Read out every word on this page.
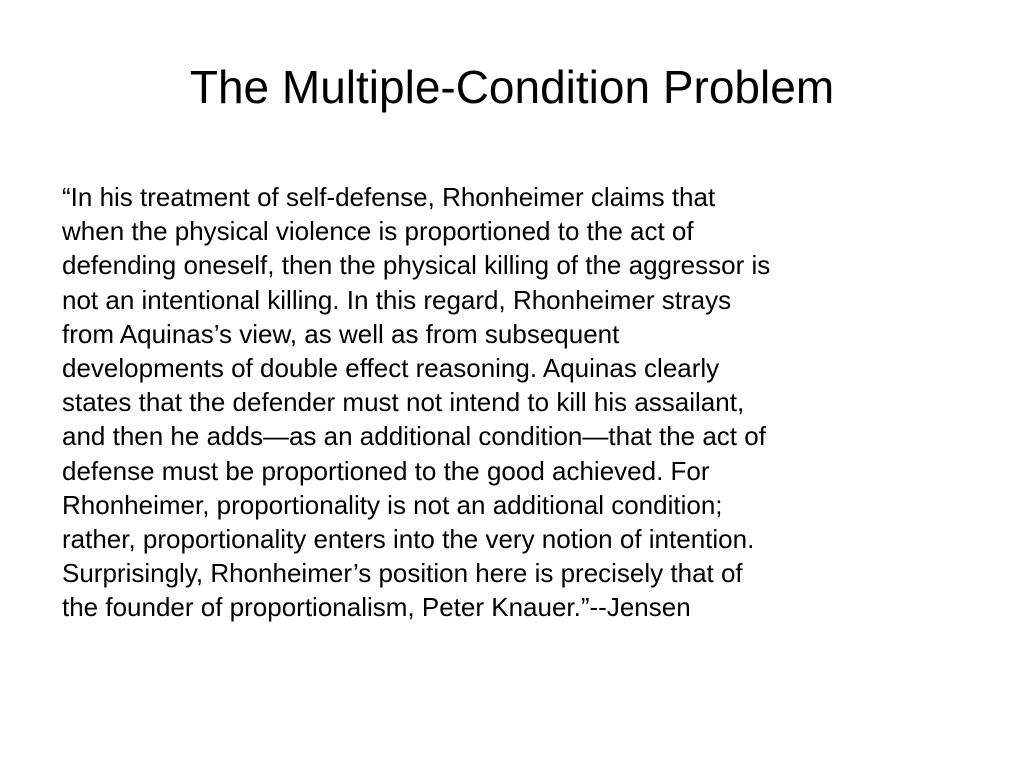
The Multiple-Condition Problem
“In his treatment of self-defense, Rhonheimer claims that
when the physical violence is proportioned to the act of
defending oneself, then the physical killing of the aggressor is
not an intentional killing. In this regard, Rhonheimer strays
from Aquinas’s view, as well as from subsequent
developments of double effect reasoning. Aquinas clearly
states that the defender must not intend to kill his assailant,
and then he adds—as an additional condition—that the act of
defense must be proportioned to the good achieved. For
Rhonheimer, proportionality is not an additional condition;
rather, proportionality enters into the very notion of intention.
Surprisingly, Rhonheimer’s position here is precisely that of
the founder of proportionalism, Peter Knauer.”--Jensen
